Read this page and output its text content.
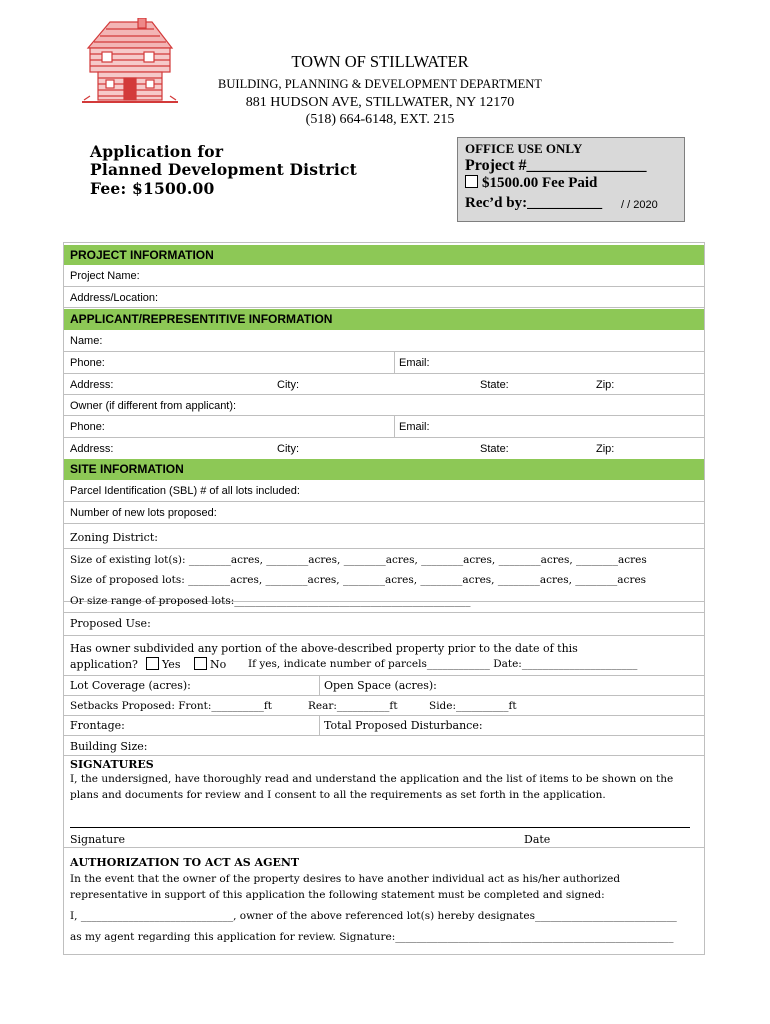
TOWN OF STILLWATER
BUILDING, PLANNING & DEVELOPMENT DEPARTMENT
881 HUDSON AVE, STILLWATER, NY 12170
(518) 664-6148, EXT. 215
Application for
Planned Development District
Fee: $1500.00
OFFICE USE ONLY
Project #_______________
$1500.00 Fee Paid
Rec’d by:__________ / / 2020
PROJECT INFORMATION
Project Name:
Address/Location:
APPLICANT/REPRESENTITIVE INFORMATION
Name:
Phone:	Email:
Address:	City:	State:	Zip:
Owner (if different from applicant):
Phone:	Email:
Address:	City:	State:	Zip:
SITE INFORMATION
Parcel Identification (SBL) # of all lots included:
Number of new lots proposed:
Zoning District:
Size of existing lot(s): ________acres, ________acres, ________acres, ________acres, ________acres, ________acres
Size of proposed lots: ________acres, ________acres, ________acres, ________acres, ________acres, ________acres
Or size range of proposed lots:_____________________________________________
Proposed Use:
Has owner subdivided any portion of the above-described property prior to the date of this
application?	Yes	No If yes, indicate number of parcels____________ Date:______________________
Lot Coverage (acres):	Open Space (acres):
Setbacks Proposed: Front:__________ft	Rear:__________ft	Side:__________ft
Frontage:	Total Proposed Disturbance:
Building Size:
SIGNATURES
I, the undersigned, have thoroughly read and understand the application and the list of items to be shown on the
plans and documents for review and I consent to all the requirements as set forth in the application.
Signature	Date
AUTHORIZATION TO ACT AS AGENT
In the event that the owner of the property desires to have another individual act as his/her authorized
representative in support of this application the following statement must be completed and signed:
I, _____________________________, owner of the above referenced lot(s) hereby designates___________________________
as my agent regarding this application for review. Signature:_____________________________________________________
